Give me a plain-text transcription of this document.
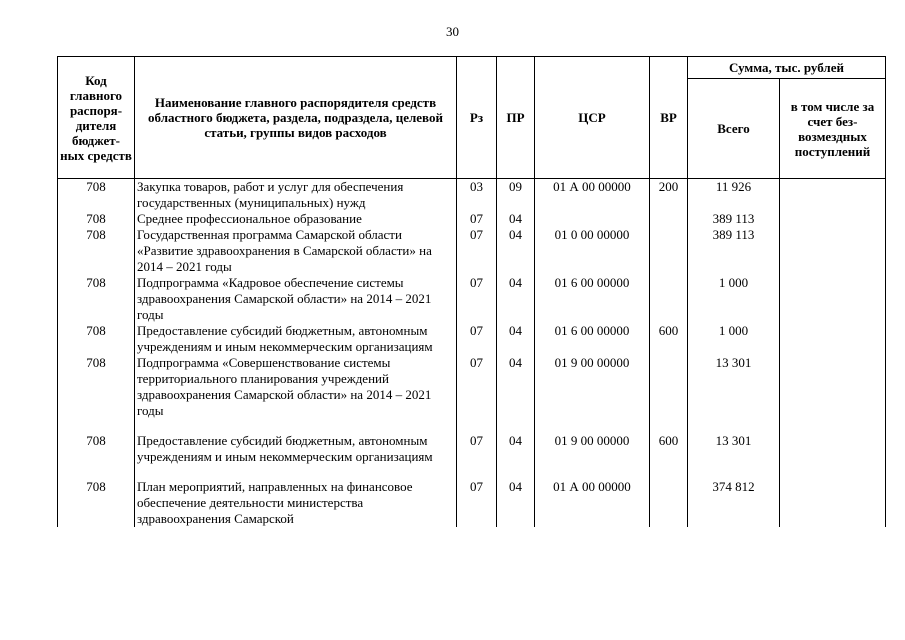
30
Код главного распоря-дителя бюджет-ных средств	Наименование главного распорядителя средств областного бюджета, раздела, подраздела, целевой статьи, группы видов расходов	Рз	ПР	ЦСР	ВР	Сумма, тыс. рублей	
						Всего	в том числе за счет без-возмездных поступлений
708	Закупка товаров, работ и услуг для обеспечения государственных (муниципальных) нужд	03	09	01 А 00 00000	200	11 926	
708	Среднее профессиональное образование	07	04			389 113	
708	Государственная программа Самарской области «Развитие здравоохранения в Самарской области» на 2014 – 2021 годы	07	04	01 0 00 00000		389 113	
708	Подпрограмма «Кадровое обеспечение системы здравоохранения Самарской области» на 2014 – 2021 годы	07	04	01 6 00 00000		1 000	
708	Предоставление субсидий бюджетным, автономным учреждениям и иным некоммерческим организациям	07	04	01 6 00 00000	600	1 000	
708	Подпрограмма «Совершенствование системы территориального планирования учреждений здравоохранения Самарской области» на 2014 – 2021 годы	07	04	01 9 00 00000		13 301	

708	Предоставление субсидий бюджетным, автономным учреждениям и иным некоммерческим организациям	07	04	01 9 00 00000	600	13 301	

708	План мероприятий, направленных на финансовое обеспечение деятельности министерства здравоохранения Самарской	07	04	01 А 00 00000		374 812	
